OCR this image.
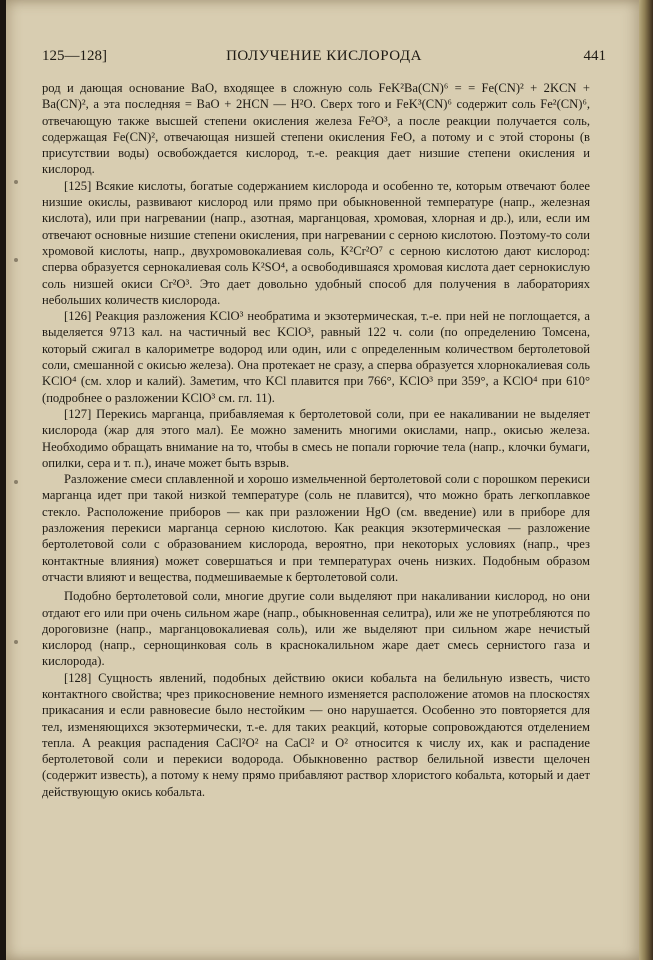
125—128]	ПОЛУЧЕНИЕ КИСЛОРОДА	441

род и дающая основание BaO, входящее в сложную соль FeK²Ba(CN)⁶ = = Fe(CN)² + 2KCN + Ba(CN)², а эта последняя = BaO + 2HCN — H²O. Сверх того и FeK³(CN)⁶ содержит соль Fe²(CN)⁶, отвечающую также высшей степени окисления железа Fe²O³, а после реакции получается соль, содержащая Fe(CN)², отвечающая низшей степени окисления FeO, а потому и с этой стороны (в присутствии воды) освобождается кислород, т.-е. реакция дает низшие степени окисления и кислород.

[125] Всякие кислоты, богатые содержанием кислорода и особенно те, которым отвечают более низшие окислы, развивают кислород или прямо при обыкновенной температуре (напр., железная кислота), или при нагревании (напр., азотная, марганцовая, хромовая, хлорная и др.), или, если им отвечают основные низшие степени окисления, при нагревании с серною кислотою. Поэтому-то соли хромовой кислоты, напр., двухромовокалиевая соль, K²Cr²O⁷ с серною кислотою дают кислород: сперва образуется сернокалиевая соль K²SO⁴, а освободившаяся хромовая кислота дает сернокислую соль низшей окиси Cr²O³. Это дает довольно удобный способ для получения в лабораториях небольших количеств кислорода.

[126] Реакция разложения KClO³ необратима и экзотермическая, т.-е. при ней не поглощается, а выделяется 9713 кал. на частичный вес KClO³, равный 122 ч. соли (по определению Томсена, который сжигал в калориметре водород или один, или с определенным количеством бертолетовой соли, смешанной с окисью железа). Она протекает не сразу, а сперва образуется хлорнокалиевая соль KClO⁴ (см. хлор и калий). Заметим, что KCl плавится при 766°, KClO³ при 359°, а KClO⁴ при 610° (подробнее о разложении KClO³ см. гл. 11).

[127] Перекись марганца, прибавляемая к бертолетовой соли, при ее накаливании не выделяет кислорода (жар для этого мал). Ее можно заменить многими окислами, напр., окисью железа. Необходимо обращать внимание на то, чтобы в смесь не попали горючие тела (напр., клочки бумаги, опилки, сера и т. п.), иначе может быть взрыв.

Разложение смеси сплавленной и хорошо измельченной бертолетовой соли с порошком перекиси марганца идет при такой низкой температуре (соль не плавится), что можно брать легкоплавкое стекло. Расположение приборов — как при разложении HgO (см. введение) или в приборе для разложения перекиси марганца серною кислотою. Как реакция экзотермическая — разложение бертолетовой соли с образованием кислорода, вероятно, при некоторых условиях (напр., чрез контактные влияния) может совершаться и при температурах очень низких. Подобным образом отчасти влияют и вещества, подмешиваемые к бертолетовой соли.

Подобно бертолетовой соли, многие другие соли выделяют при накаливании кислород, но они отдают его или при очень сильном жаре (напр., обыкновенная селитра), или же не употребляются по дороговизне (напр., марганцовокалиевая соль), или же выделяют при сильном жаре нечистый кислород (напр., сернощинковая соль в краснокалильном жаре дает смесь сернистого газа и кислорода).

[128] Сущность явлений, подобных действию окиси кобальта на белильную известь, чисто контактного свойства; чрез прикосновение немного изменяется расположение атомов на плоскостях прикасания и если равновесие было нестойким — оно нарушается. Особенно это повторяется для тел, изменяющихся экзотермически, т.-е. для таких реакций, которые сопровождаются отделением тепла. А реакция распадения CaCl²O² на CaCl² и O² относится к числу их, как и распадение бертолетовой соли и перекиси водорода. Обыкновенно раствор белильной извести щелочен (содержит известь), а потому к нему прямо прибавляют раствор хлористого кобальта, который и дает действующую окись кобальта.
